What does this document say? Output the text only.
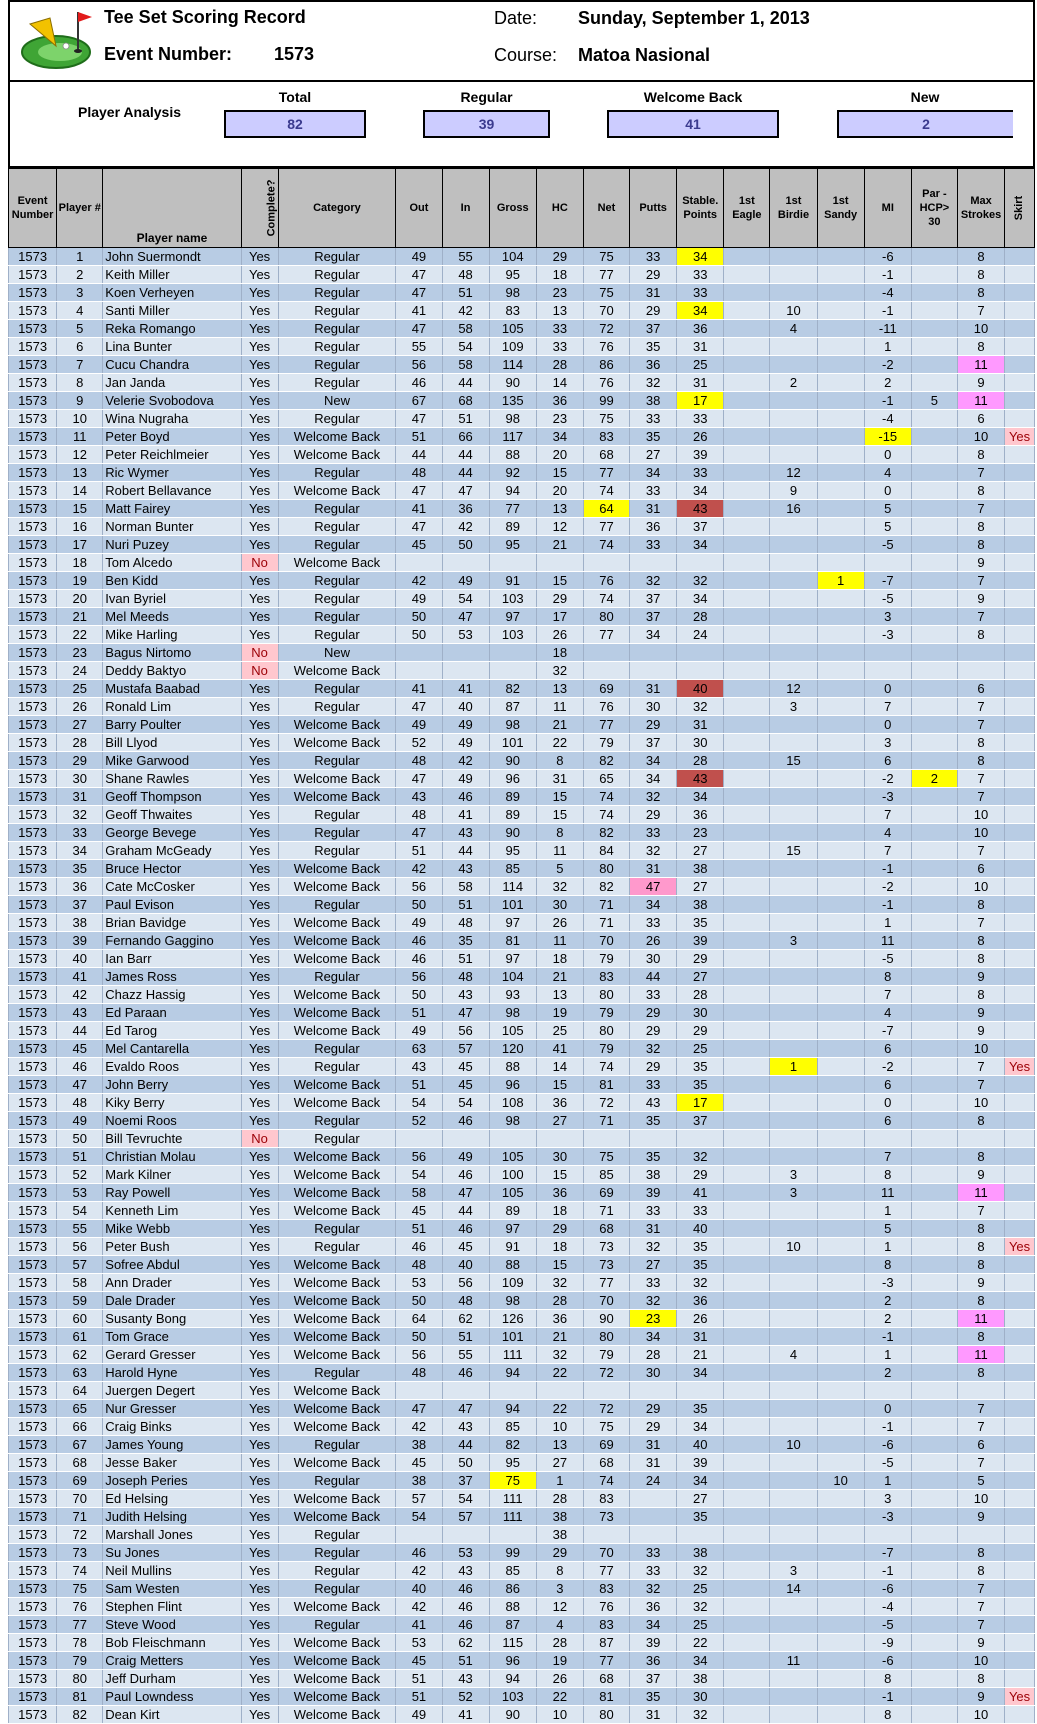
Tee Set Scoring Record
Event Number: 1573
Date: Sunday, September 1, 2013
Course: Matoa Nasional
Player Analysis
Total
82
Regular
39
Welcome Back
41
New
2
Event Number	Player #	Player name	Complete?	Category	Out	In	Gross	HC	Net	Putts	Stable. Points	1st Eagle	1st Birdie	1st Sandy	MI	Par - HCP> 30	Max Strokes	Skirt
1573	1	John Suermondt	Yes	Regular	49	55	104	29	75	33	34				-6		8	
1573	2	Keith Miller	Yes	Regular	47	48	95	18	77	29	33				-1		8	
1573	3	Koen Verheyen	Yes	Regular	47	51	98	23	75	31	33				-4		8	
1573	4	Santi Miller	Yes	Regular	41	42	83	13	70	29	34		10		-1		7	
1573	5	Reka Romango	Yes	Regular	47	58	105	33	72	37	36		4		-11		10	
1573	6	Lina Bunter	Yes	Regular	55	54	109	33	76	35	31				1		8	
1573	7	Cucu Chandra	Yes	Regular	56	58	114	28	86	36	25				-2		11	
1573	8	Jan Janda	Yes	Regular	46	44	90	14	76	32	31		2		2		9	
1573	9	Velerie Svobodova	Yes	New	67	68	135	36	99	38	17				-1	5	11	
1573	10	Wina Nugraha	Yes	Regular	47	51	98	23	75	33	33				-4		6	
1573	11	Peter Boyd	Yes	Welcome Back	51	66	117	34	83	35	26				-15		10	Yes
1573	12	Peter Reichlmeier	Yes	Welcome Back	44	44	88	20	68	27	39				0		8	
1573	13	Ric Wymer	Yes	Regular	48	44	92	15	77	34	33		12		4		7	
1573	14	Robert Bellavance	Yes	Welcome Back	47	47	94	20	74	33	34		9		0		8	
1573	15	Matt Fairey	Yes	Regular	41	36	77	13	64	31	43		16		5		7	
1573	16	Norman Bunter	Yes	Regular	47	42	89	12	77	36	37				5		8	
1573	17	Nuri Puzey	Yes	Regular	45	50	95	21	74	33	34				-5		8	
1573	18	Tom Alcedo	No	Welcome Back													9	
1573	19	Ben Kidd	Yes	Regular	42	49	91	15	76	32	32			1	-7		7	
1573	20	Ivan Byriel	Yes	Regular	49	54	103	29	74	37	34				-5		9	
1573	21	Mel Meeds	Yes	Regular	50	47	97	17	80	37	28				3		7	
1573	22	Mike Harling	Yes	Regular	50	53	103	26	77	34	24				-3		8	
1573	23	Bagus Nirtomo	No	New				18										
1573	24	Deddy Baktyo	No	Welcome Back				32										
1573	25	Mustafa Baabad	Yes	Regular	41	41	82	13	69	31	40		12		0		6	
1573	26	Ronald Lim	Yes	Regular	47	40	87	11	76	30	32		3		7		7	
1573	27	Barry Poulter	Yes	Welcome Back	49	49	98	21	77	29	31				0		7	
1573	28	Bill Llyod	Yes	Welcome Back	52	49	101	22	79	37	30				3		8	
1573	29	Mike Garwood	Yes	Regular	48	42	90	8	82	34	28		15		6		8	
1573	30	Shane Rawles	Yes	Welcome Back	47	49	96	31	65	34	43				-2	2	7	
1573	31	Geoff Thompson	Yes	Welcome Back	43	46	89	15	74	32	34				-3		7	
1573	32	Geoff Thwaites	Yes	Regular	48	41	89	15	74	29	36				7		10	
1573	33	George Bevege	Yes	Regular	47	43	90	8	82	33	23				4		10	
1573	34	Graham McGeady	Yes	Regular	51	44	95	11	84	32	27		15		7		7	
1573	35	Bruce Hector	Yes	Welcome Back	42	43	85	5	80	31	38				-1		6	
1573	36	Cate McCosker	Yes	Welcome Back	56	58	114	32	82	47	27				-2		10	
1573	37	Paul Evison	Yes	Regular	50	51	101	30	71	34	38				-1		8	
1573	38	Brian Bavidge	Yes	Welcome Back	49	48	97	26	71	33	35				1		7	
1573	39	Fernando Gaggino	Yes	Welcome Back	46	35	81	11	70	26	39		3		11		8	
1573	40	Ian Barr	Yes	Welcome Back	46	51	97	18	79	30	29				-5		8	
1573	41	James Ross	Yes	Regular	56	48	104	21	83	44	27				8		9	
1573	42	Chazz Hassig	Yes	Welcome Back	50	43	93	13	80	33	28				7		8	
1573	43	Ed Paraan	Yes	Welcome Back	51	47	98	19	79	29	30				4		9	
1573	44	Ed Tarog	Yes	Welcome Back	49	56	105	25	80	29	29				-7		9	
1573	45	Mel Cantarella	Yes	Regular	63	57	120	41	79	32	25				6		10	
1573	46	Evaldo Roos	Yes	Regular	43	45	88	14	74	29	35		1		-2		7	Yes
1573	47	John Berry	Yes	Welcome Back	51	45	96	15	81	33	35				6		7	
1573	48	Kiky Berry	Yes	Welcome Back	54	54	108	36	72	43	17				0		10	
1573	49	Noemi Roos	Yes	Regular	52	46	98	27	71	35	37				6		8	
1573	50	Bill Tevruchte	No	Regular														
1573	51	Christian Molau	Yes	Welcome Back	56	49	105	30	75	35	32				7		8	
1573	52	Mark Kilner	Yes	Welcome Back	54	46	100	15	85	38	29		3		8		9	
1573	53	Ray Powell	Yes	Welcome Back	58	47	105	36	69	39	41		3		11		11	
1573	54	Kenneth Lim	Yes	Welcome Back	45	44	89	18	71	33	33				1		7	
1573	55	Mike Webb	Yes	Regular	51	46	97	29	68	31	40				5		8	
1573	56	Peter Bush	Yes	Regular	46	45	91	18	73	32	35		10		1		8	Yes
1573	57	Sofree Abdul	Yes	Welcome Back	48	40	88	15	73	27	35				8		8	
1573	58	Ann Drader	Yes	Welcome Back	53	56	109	32	77	33	32				-3		9	
1573	59	Dale Drader	Yes	Welcome Back	50	48	98	28	70	32	36				2		8	
1573	60	Susanty Bong	Yes	Welcome Back	64	62	126	36	90	23	26				2		11	
1573	61	Tom Grace	Yes	Welcome Back	50	51	101	21	80	34	31				-1		8	
1573	62	Gerard Gresser	Yes	Welcome Back	56	55	111	32	79	28	21		4		1		11	
1573	63	Harold Hyne	Yes	Regular	48	46	94	22	72	30	34				2		8	
1573	64	Juergen Degert	Yes	Welcome Back														
1573	65	Nur Gresser	Yes	Welcome Back	47	47	94	22	72	29	35				0		7	
1573	66	Craig Binks	Yes	Welcome Back	42	43	85	10	75	29	34				-1		7	
1573	67	James Young	Yes	Regular	38	44	82	13	69	31	40		10		-6		6	
1573	68	Jesse Baker	Yes	Welcome Back	45	50	95	27	68	31	39				-5		7	
1573	69	Joseph Peries	Yes	Regular	38	37	75	1	74	24	34			10	1		5	
1573	70	Ed Helsing	Yes	Welcome Back	57	54	111	28	83		27				3		10	
1573	71	Judith Helsing	Yes	Welcome Back	54	57	111	38	73		35				-3		9	
1573	72	Marshall Jones	Yes	Regular				38										
1573	73	Su Jones	Yes	Regular	46	53	99	29	70	33	38				-7		8	
1573	74	Neil Mullins	Yes	Regular	42	43	85	8	77	33	32		3		-1		8	
1573	75	Sam Westen	Yes	Regular	40	46	86	3	83	32	25		14		-6		7	
1573	76	Stephen Flint	Yes	Welcome Back	42	46	88	12	76	36	32				-4		7	
1573	77	Steve Wood	Yes	Regular	41	46	87	4	83	34	25				-5		7	
1573	78	Bob Fleischmann	Yes	Welcome Back	53	62	115	28	87	39	22				-9		9	
1573	79	Craig Metters	Yes	Welcome Back	45	51	96	19	77	36	34		11		-6		10	
1573	80	Jeff Durham	Yes	Welcome Back	51	43	94	26	68	37	38				8		8	
1573	81	Paul Lowndess	Yes	Welcome Back	51	52	103	22	81	35	30				-1		9	Yes
1573	82	Dean Kirt	Yes	Welcome Back	49	41	90	10	80	31	32				8		10	
